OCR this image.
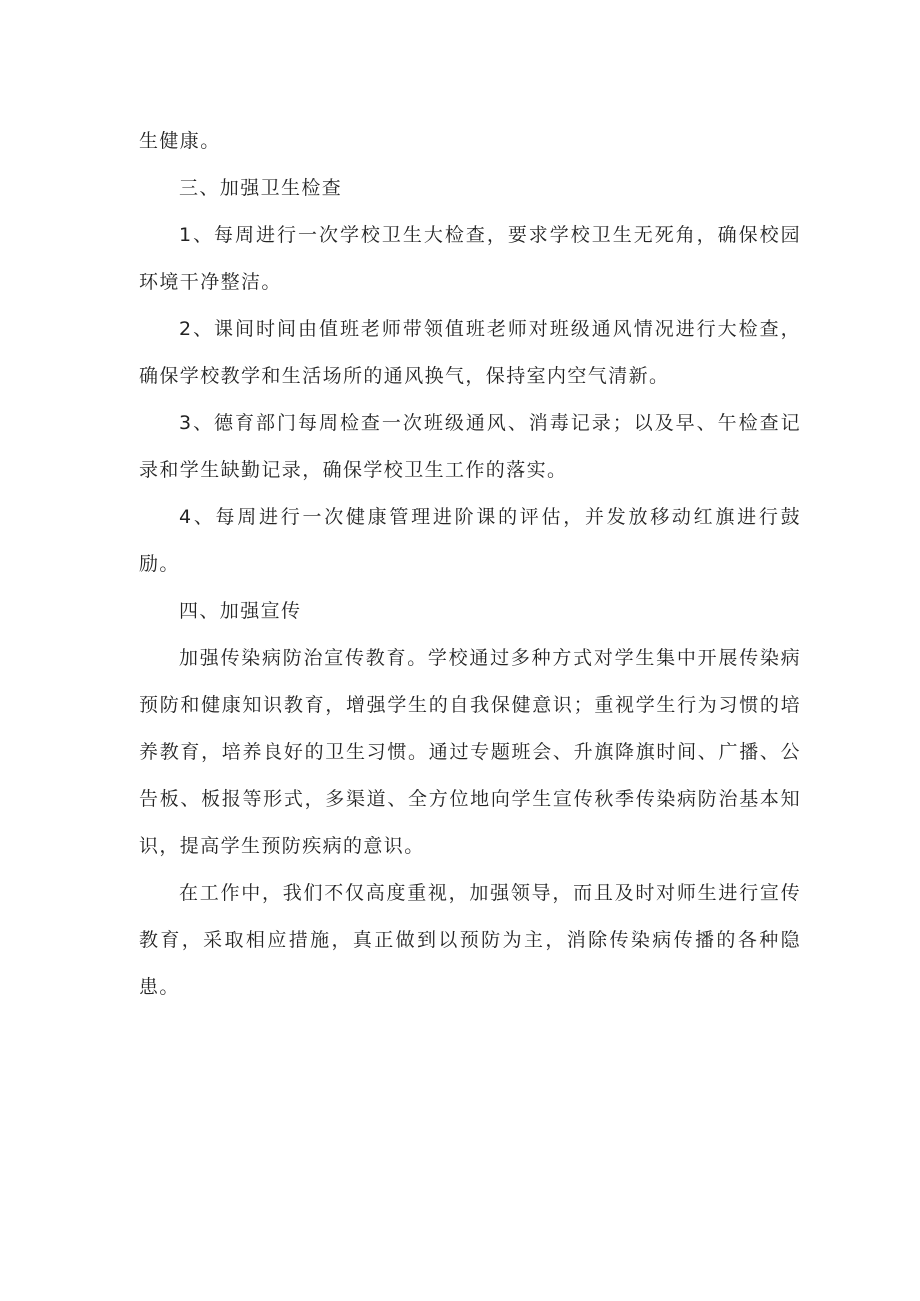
生健康。

三、加强卫生检查

1、每周进行一次学校卫生大检查，要求学校卫生无死角，确保校园环境干净整洁。

2、课间时间由值班老师带领值班老师对班级通风情况进行大检查，确保学校教学和生活场所的通风换气，保持室内空气清新。

3、德育部门每周检查一次班级通风、消毒记录；以及早、午检查记录和学生缺勤记录，确保学校卫生工作的落实。

4、每周进行一次健康管理进阶课的评估，并发放移动红旗进行鼓励。

四、加强宣传

加强传染病防治宣传教育。学校通过多种方式对学生集中开展传染病预防和健康知识教育，增强学生的自我保健意识；重视学生行为习惯的培养教育，培养良好的卫生习惯。通过专题班会、升旗降旗时间、广播、公告板、板报等形式，多渠道、全方位地向学生宣传秋季传染病防治基本知识，提高学生预防疾病的意识。

在工作中，我们不仅高度重视，加强领导，而且及时对师生进行宣传教育，采取相应措施，真正做到以预防为主，消除传染病传播的各种隐患。
